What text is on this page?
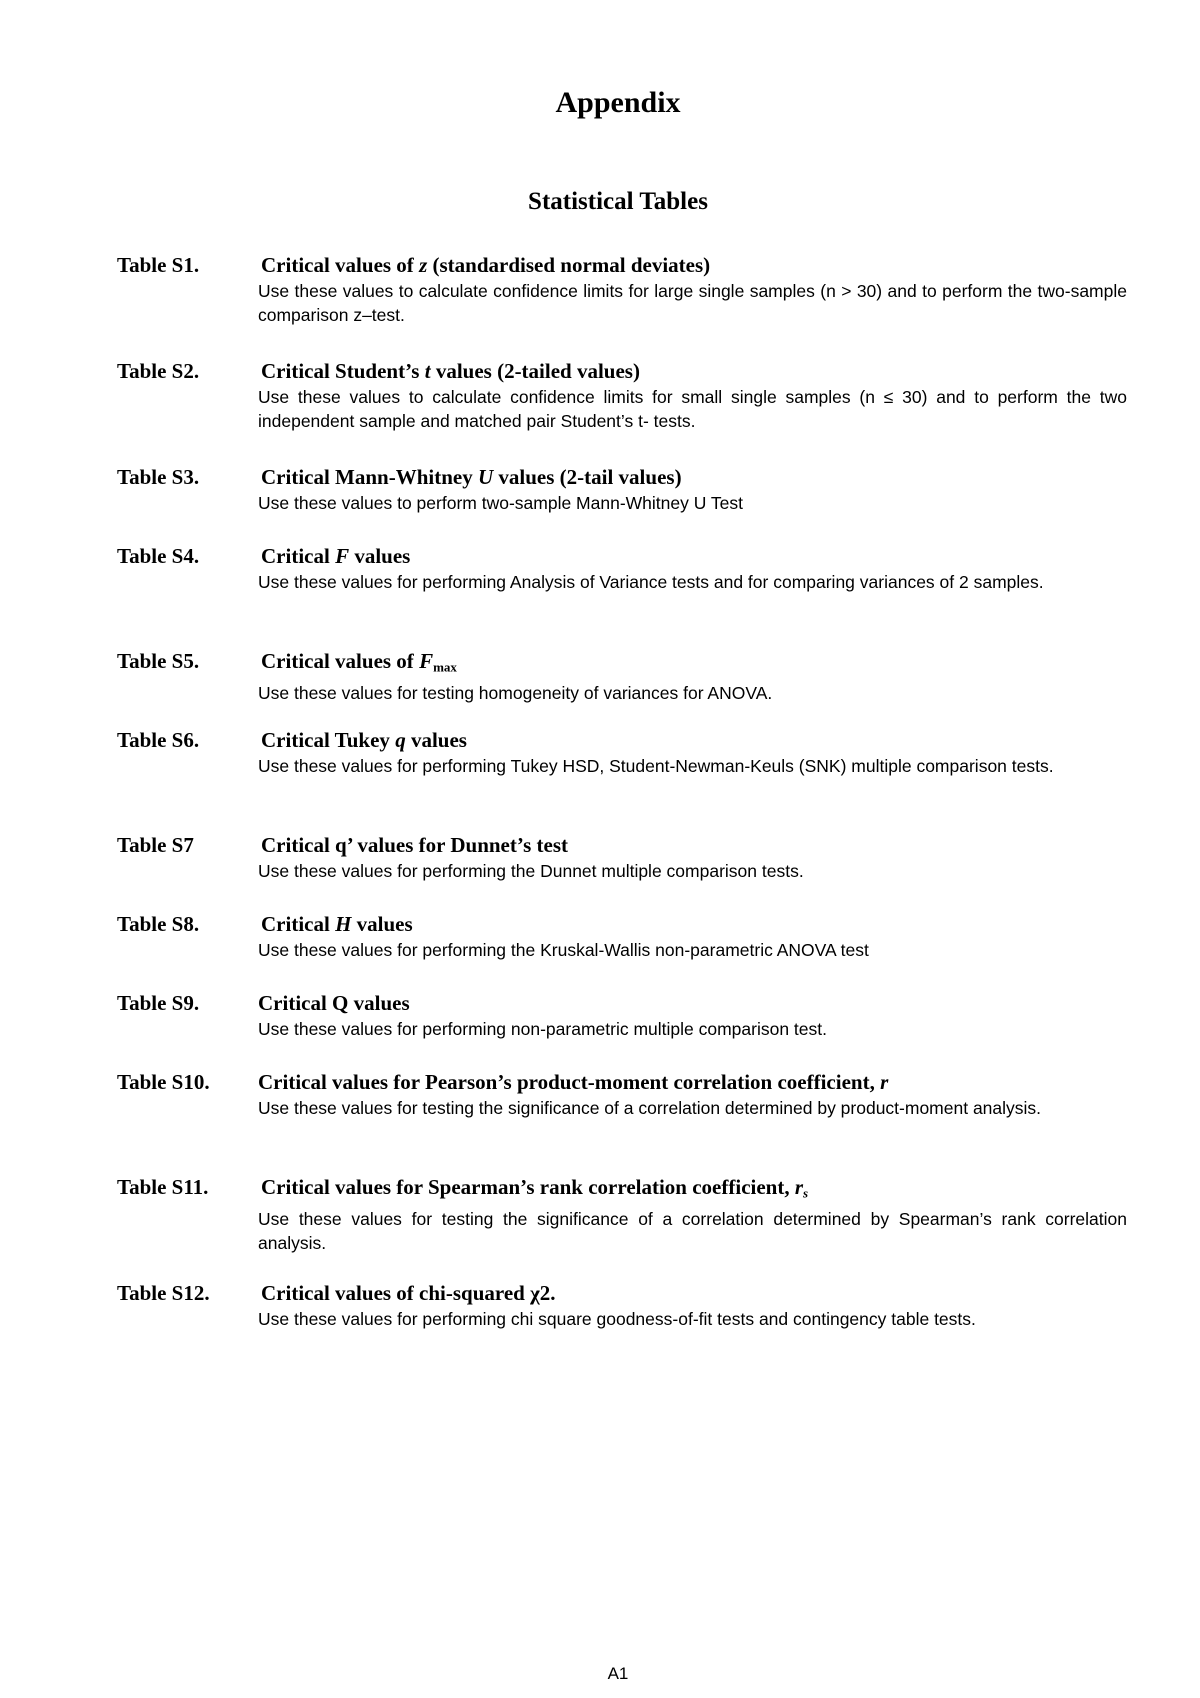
Appendix
Statistical Tables
Table S1.	Critical values of z (standardised normal deviates)
Use these values to calculate confidence limits for large single samples (n > 30) and to perform the two-sample comparison z–test.
Table S2.	Critical Student’s t values (2-tailed values)
Use these values to calculate confidence limits for small single samples (n ≤ 30) and to perform the two independent sample and matched pair Student’s t- tests.
Table S3.	Critical Mann-Whitney U values (2-tail values)
Use these values to perform two-sample Mann-Whitney U Test
Table S4.	Critical F values
Use these values for performing Analysis of Variance tests and for comparing variances of 2 samples.
Table S5.	Critical values of $F_{max}$
Use these values for testing homogeneity of variances for ANOVA.
Table S6.	Critical Tukey q values
Use these values for performing Tukey HSD, Student-Newman-Keuls (SNK) multiple comparison tests.
Table S7	Critical q’ values for Dunnet’s test
Use these values for performing the Dunnet multiple comparison tests.
Table S8.	Critical H values
Use these values for performing the Kruskal-Wallis non-parametric ANOVA test
Table S9.	Critical Q values
Use these values for performing non-parametric multiple comparison test.
Table S10. Critical values for Pearson’s product-moment correlation coefficient, r
Use these values for testing the significance of a correlation determined by product-moment analysis.
Table S11.	Critical values for Spearman’s rank correlation coefficient, $r_s$
Use these values for testing the significance of a correlation determined by Spearman’s rank correlation analysis.
Table S12. Critical values of chi-squared χ2.
Use these values for performing chi square goodness-of-fit tests and contingency table tests.
A1
